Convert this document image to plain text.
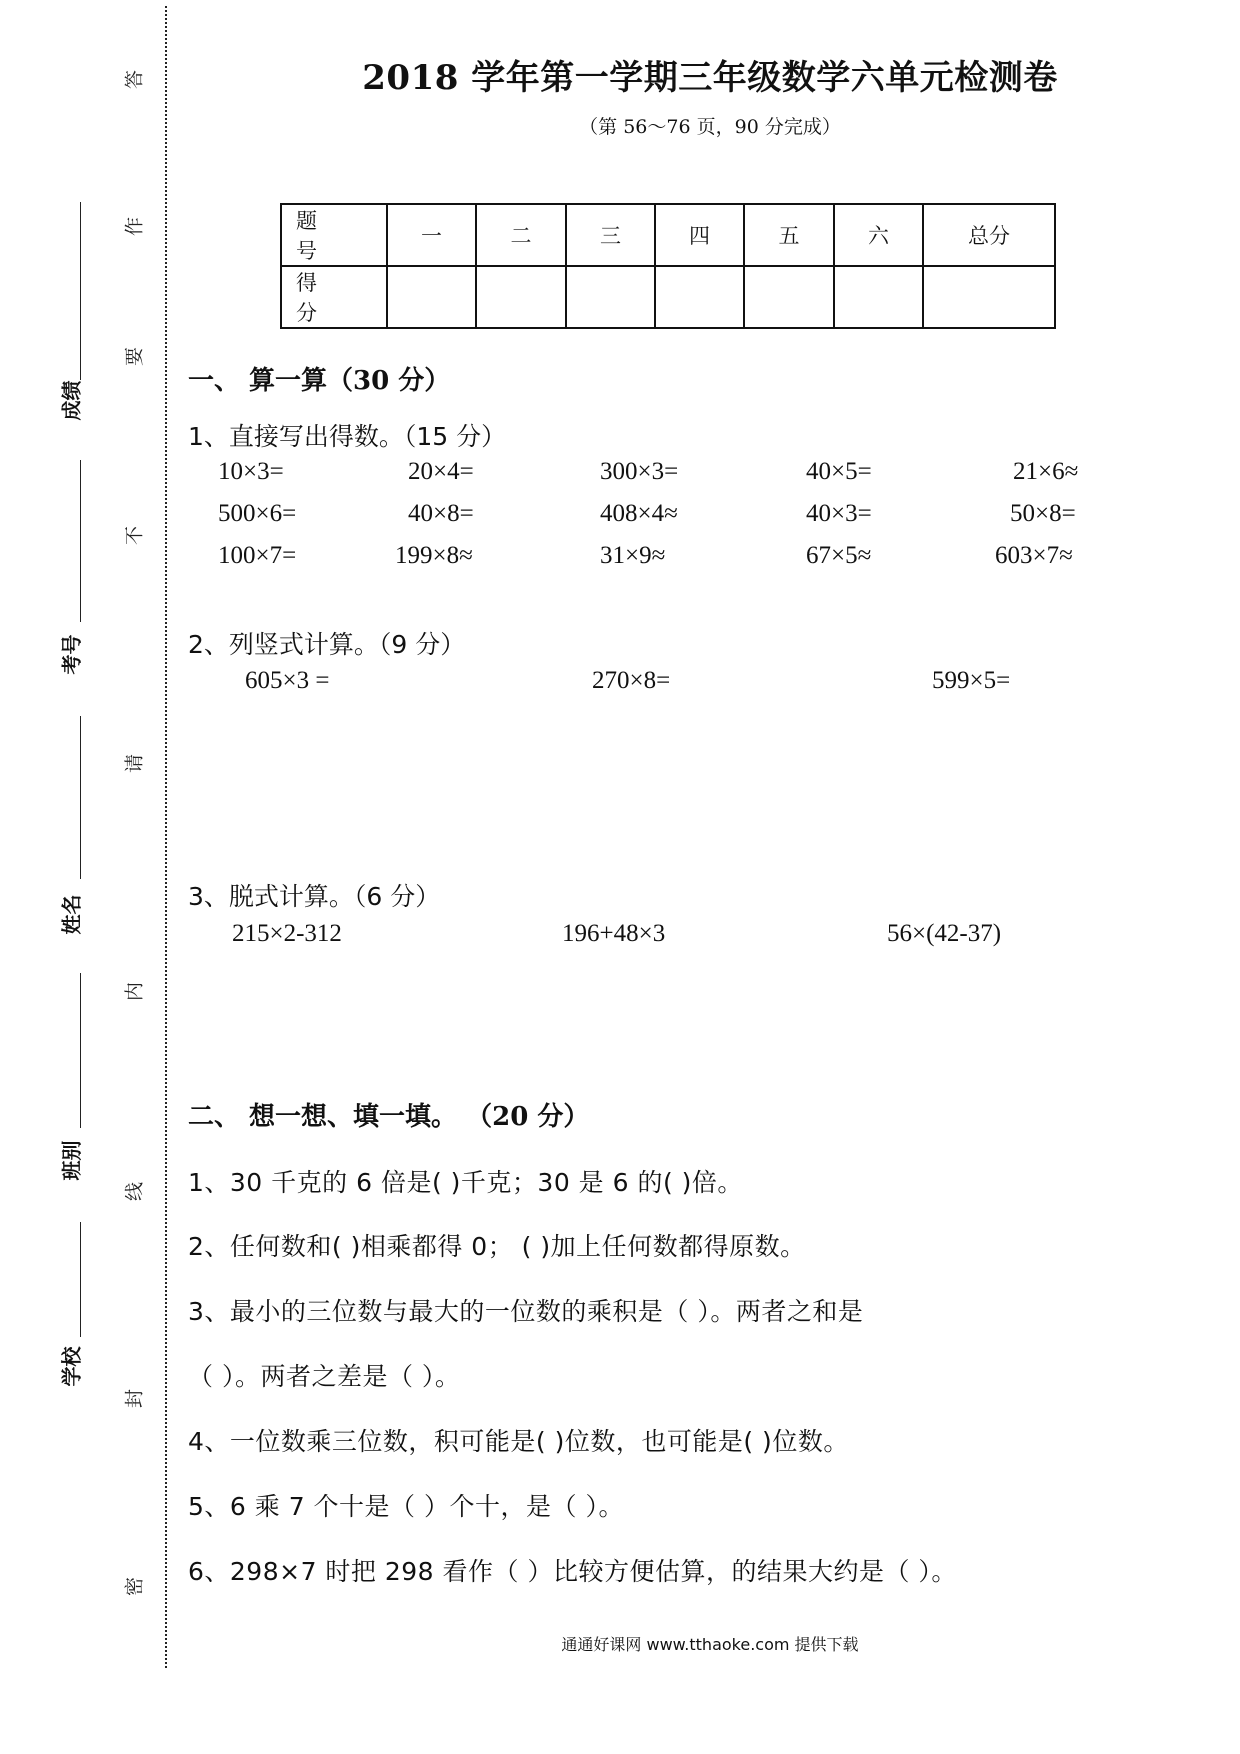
答
作
要
不
请
内
线
封
密
成绩
考号
姓名
班别
学校
2018 学年第一学期三年级数学六单元检测卷
（第 56～76 页，90 分完成）
题 号	一	二	三	四	五	六	总分
得 分							
一、 算一算（30 分）
1、直接写出得数。（15 分）
10×3=	20×4=	300×3=	40×5=	21×6≈
500×6=	40×8=	408×4≈	40×3=	50×8=
100×7=	199×8≈	31×9≈	67×5≈	603×7≈
2、列竖式计算。（9 分）
605×3 =	270×8=	599×5=
3、脱式计算。（6 分）
215×2-312	196+48×3	56×(42-37)
二、 想一想、填一填。 （20 分）
1、30 千克的 6 倍是( )千克；30 是 6 的( )倍。
2、任何数和( )相乘都得 0； ( )加上任何数都得原数。
3、最小的三位数与最大的一位数的乘积是（ ）。两者之和是
（ ）。两者之差是（ ）。
4、一位数乘三位数，积可能是( )位数，也可能是( )位数。
5、6 乘 7 个十是（ ）个十，是（ ）。
6、298×7 时把 298 看作（ ）比较方便估算，的结果大约是（ ）。
通通好课网 www.tthaoke.com 提供下载
